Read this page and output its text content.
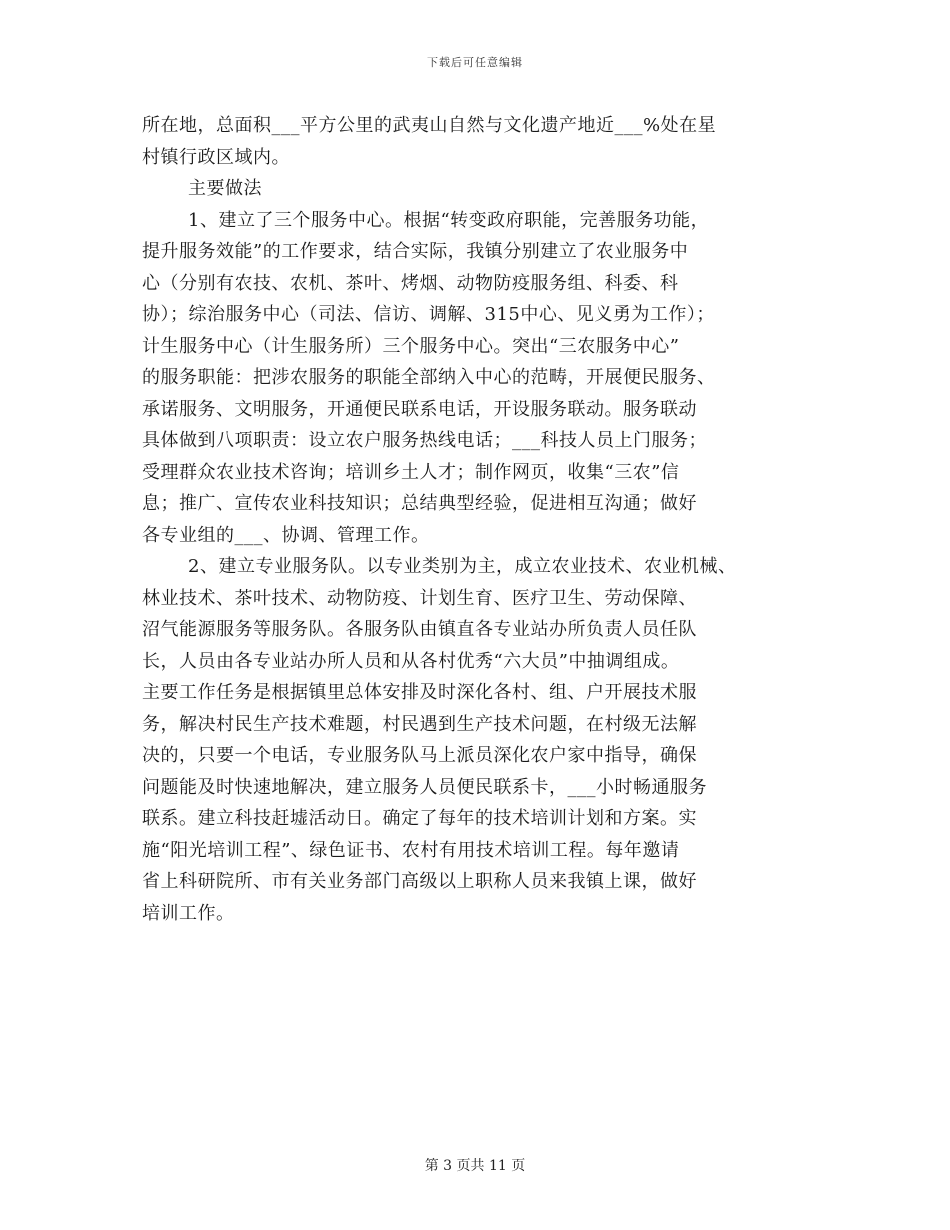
下载后可任意编辑
所在地，总面积___平方公里的武夷山自然与文化遗产地近___%处在星
村镇行政区域内。
主要做法
1、建立了三个服务中心。根据“转变政府职能，完善服务功能，
提升服务效能”的工作要求，结合实际，我镇分别建立了农业服务中
心（分别有农技、农机、茶叶、烤烟、动物防疫服务组、科委、科
协）；综治服务中心（司法、信访、调解、315中心、见义勇为工作）；
计生服务中心（计生服务所）三个服务中心。突出“三农服务中心”
的服务职能：把涉农服务的职能全部纳入中心的范畴，开展便民服务、
承诺服务、文明服务，开通便民联系电话，开设服务联动。服务联动
具体做到八项职责：设立农户服务热线电话；___科技人员上门服务；
受理群众农业技术咨询；培训乡土人才；制作网页，收集“三农”信
息；推广、宣传农业科技知识；总结典型经验，促进相互沟通；做好
各专业组的___、协调、管理工作。
2、建立专业服务队。以专业类别为主，成立农业技术、农业机械、
林业技术、茶叶技术、动物防疫、计划生育、医疗卫生、劳动保障、
沼气能源服务等服务队。各服务队由镇直各专业站办所负责人员任队
长，人员由各专业站办所人员和从各村优秀“六大员”中抽调组成。
主要工作任务是根据镇里总体安排及时深化各村、组、户开展技术服
务，解决村民生产技术难题，村民遇到生产技术问题，在村级无法解
决的，只要一个电话，专业服务队马上派员深化农户家中指导，确保
问题能及时快速地解决，建立服务人员便民联系卡，___小时畅通服务
联系。建立科技赶墟活动日。确定了每年的技术培训计划和方案。实
施“阳光培训工程”、绿色证书、农村有用技术培训工程。每年邀请
省上科研院所、市有关业务部门高级以上职称人员来我镇上课，做好
培训工作。
第 3 页共 11 页
